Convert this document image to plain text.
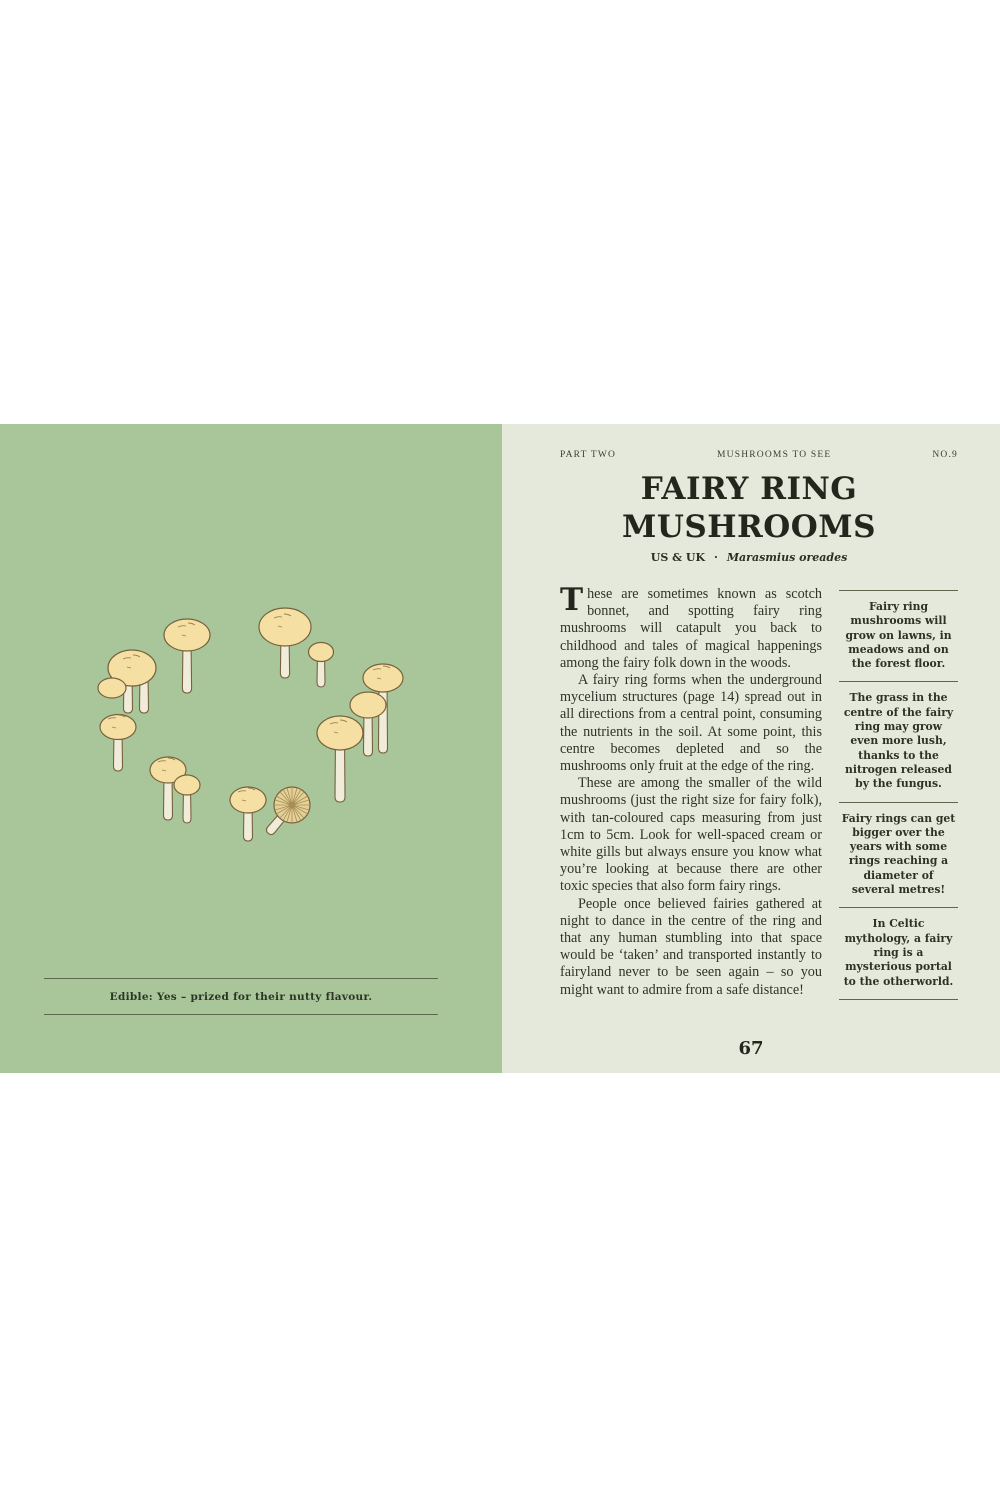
Edible: Yes – prized for their nutty flavour.

PART TWO	MUSHROOMS TO SEE	NO.9
FAIRY RING
MUSHROOMS
US & UK · Marasmius oreades

These are sometimes known as scotch bonnet, and spotting fairy ring mushrooms will catapult you back to childhood and tales of magical happenings among the fairy folk down in the woods.

A fairy ring forms when the underground mycelium structures (page 14) spread out in all directions from a central point, consuming the nutrients in the soil. At some point, this centre becomes depleted and so the mushrooms only fruit at the edge of the ring.

These are among the smaller of the wild mushrooms (just the right size for fairy folk), with tan-coloured caps measuring from just 1cm to 5cm. Look for well-spaced cream or white gills but always ensure you know what you’re looking at because there are other toxic species that also form fairy rings.

People once believed fairies gathered at night to dance in the centre of the ring and that any human stumbling into that space would be ‘taken’ and transported instantly to fairyland never to be seen again – so you might want to admire from a safe distance!

Fairy ring mushrooms will grow on lawns, in meadows and on the forest floor.

The grass in the centre of the fairy ring may grow even more lush, thanks to the nitrogen released by the fungus.

Fairy rings can get bigger over the years with some rings reaching a diameter of several metres!

In Celtic mythology, a fairy ring is a mysterious portal to the otherworld.

67
